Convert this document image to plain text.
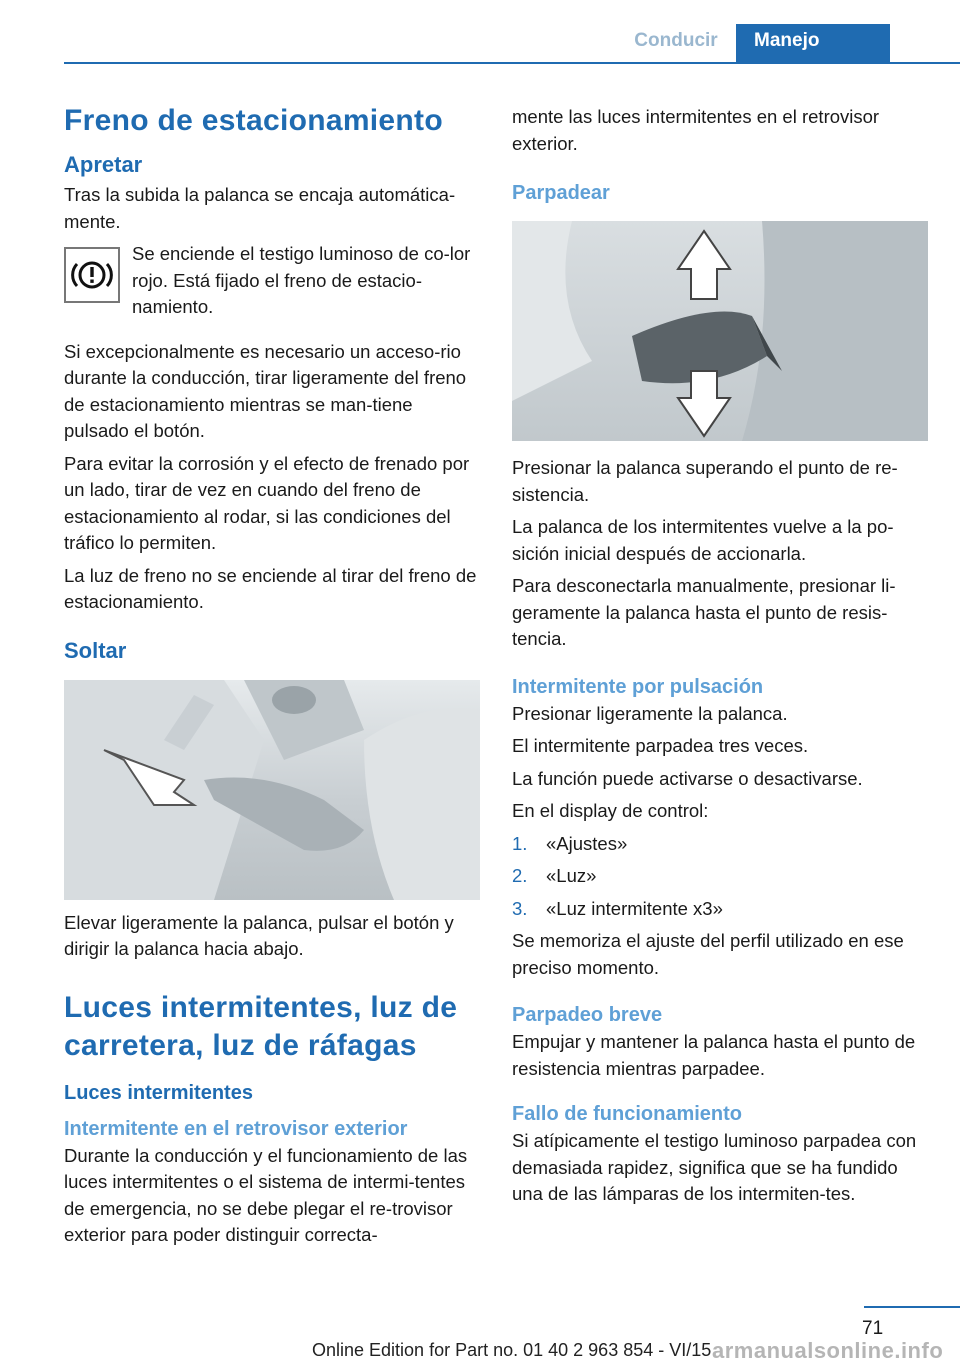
Conducir	Manejo
Freno de estacionamiento
Apretar

Tras la subida la palanca se encaja automática-mente.

Se enciende el testigo luminoso de co-lor rojo. Está fijado el freno de estacio-namiento.

Si excepcionalmente es necesario un acceso-rio durante la conducción, tirar ligeramente del freno de estacionamiento mientras se man-tiene pulsado el botón.

Para evitar la corrosión y el efecto de frenado por un lado, tirar de vez en cuando del freno de estacionamiento al rodar, si las condiciones del tráfico lo permiten.

La luz de freno no se enciende al tirar del freno de estacionamiento.

Soltar

Elevar ligeramente la palanca, pulsar el botón y dirigir la palanca hacia abajo.

Luces intermitentes, luz de carretera, luz de ráfagas
Luces intermitentes
Intermitente en el retrovisor exterior

Durante la conducción y el funcionamiento de las luces intermitentes o el sistema de intermi-tentes de emergencia, no se debe plegar el re-trovisor exterior para poder distinguir correcta-

mente las luces intermitentes en el retrovisor exterior.

Parpadear

Presionar la palanca superando el punto de re-sistencia.

La palanca de los intermitentes vuelve a la po-sición inicial después de accionarla.

Para desconectarla manualmente, presionar li-geramente la palanca hasta el punto de resis-tencia.

Intermitente por pulsación

Presionar ligeramente la palanca.

El intermitente parpadea tres veces.

La función puede activarse o desactivarse.

En el display de control:

1.	«Ajustes»
2.	«Luz»
3.	«Luz intermitente x3»

Se memoriza el ajuste del perfil utilizado en ese preciso momento.

Parpadeo breve

Empujar y mantener la palanca hasta el punto de resistencia mientras parpadee.

Fallo de funcionamiento

Si atípicamente el testigo luminoso parpadea con demasiada rapidez, significa que se ha fundido una de las lámparas de los intermiten-tes.

71
Online Edition for Part no. 01 40 2 963 854 - VI/15 armanualsonline.info
